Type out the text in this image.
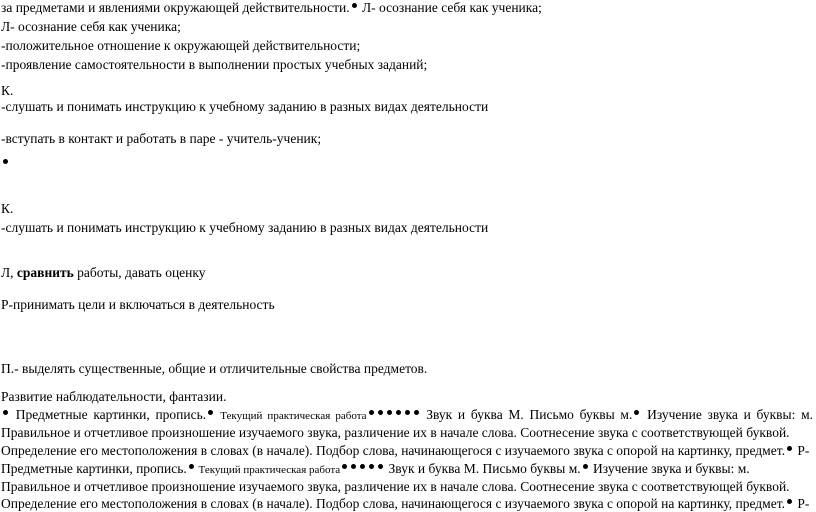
за предметами и явлениями окружающей действительности. Л- осознание себя как ученика;
Л- осознание себя как ученика;
-положительное отношение к окружающей действительности;
-проявление самостоятельности в выполнении простых учебных заданий;
К.
-слушать и понимать инструкцию к учебному заданию в разных видах деятельности
-вступать в контакт и работать в паре - учитель-ученик;
К.
-слушать и понимать инструкцию к учебному заданию в разных видах деятельности
Л, сравнить работы, давать оценку
Р-принимать цели и включаться в деятельность
П.- выделять существенные, общие и отличительные свойства предметов.
Развитие наблюдательности, фантазии.
Предметные картинки, пропись. Текущий практическая работа	Звук и буква М. Письмо буквы м. Изучение звука и буквы: м.
Правильное и отчетливое произношение изучаемого звука, различение их в начале слова. Соотнесение звука с соответствующей буквой.
Определение его местоположения в словах (в начале). Подбор слова, начинающегося с изучаемого звука с опорой на картинку, предмет. Р-
Предметные картинки, пропись. Текущий практическая работа	Звук и буква М. Письмо буквы м. Изучение звука и буквы: м.
Правильное и отчетливое произношение изучаемого звука, различение их в начале слова. Соотнесение звука с соответствующей буквой.
Определение его местоположения в словах (в начале). Подбор слова, начинающегося с изучаемого звука с опорой на картинку, предмет. Р-
